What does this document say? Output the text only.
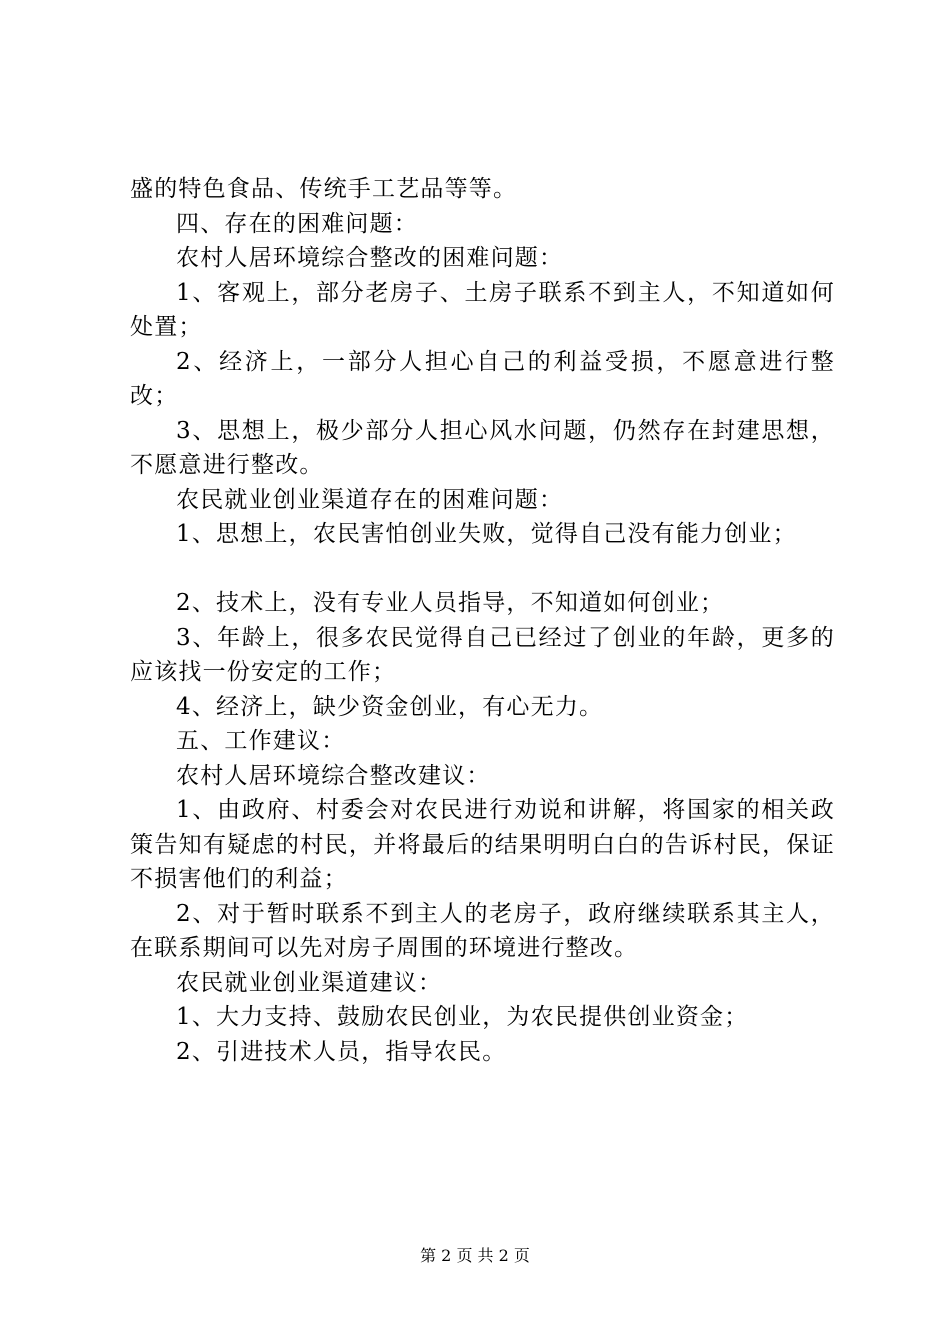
盛的特色食品、传统手工艺品等等。

四、存在的困难问题：

农村人居环境综合整改的困难问题：

1、客观上，部分老房子、土房子联系不到主人，不知道如何处置；

2、经济上，一部分人担心自己的利益受损，不愿意进行整改；

3、思想上，极少部分人担心风水问题，仍然存在封建思想，不愿意进行整改。

农民就业创业渠道存在的困难问题：

1、思想上，农民害怕创业失败，觉得自己没有能力创业；

2、技术上，没有专业人员指导，不知道如何创业；

3、年龄上，很多农民觉得自己已经过了创业的年龄，更多的应该找一份安定的工作；

4、经济上，缺少资金创业，有心无力。

五、工作建议：

农村人居环境综合整改建议：

1、由政府、村委会对农民进行劝说和讲解，将国家的相关政策告知有疑虑的村民，并将最后的结果明明白白的告诉村民，保证不损害他们的利益；

2、对于暂时联系不到主人的老房子，政府继续联系其主人，在联系期间可以先对房子周围的环境进行整改。

农民就业创业渠道建议：

1、大力支持、鼓励农民创业，为农民提供创业资金；

2、引进技术人员，指导农民。

第 2 页 共 2 页
